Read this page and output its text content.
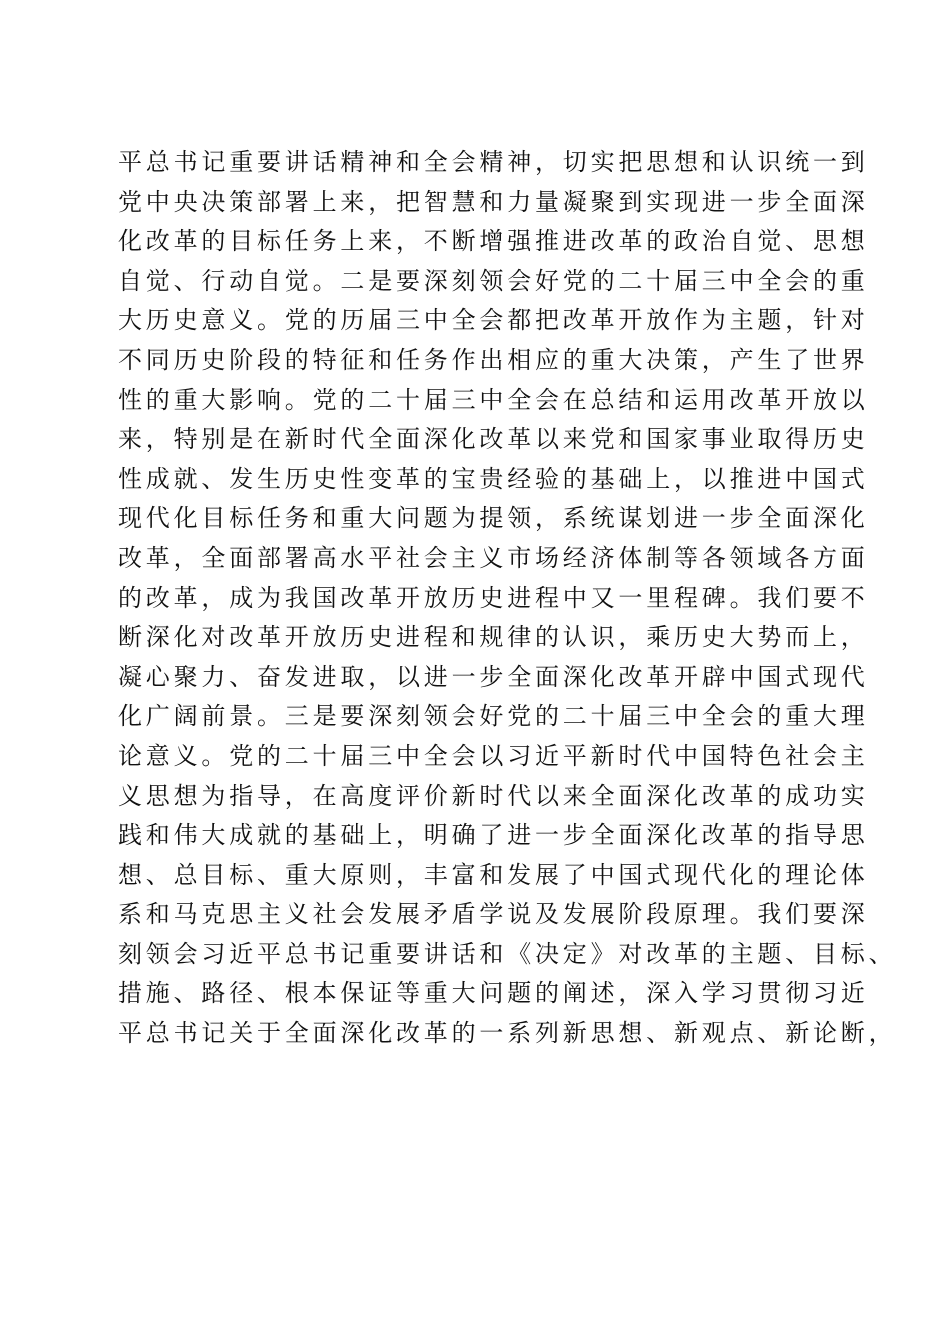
平总书记重要讲话精神和全会精神，切实把思想和认识统一到
党中央决策部署上来，把智慧和力量凝聚到实现进一步全面深
化改革的目标任务上来，不断增强推进改革的政治自觉、思想
自觉、行动自觉。二是要深刻领会好党的二十届三中全会的重
大历史意义。党的历届三中全会都把改革开放作为主题，针对
不同历史阶段的特征和任务作出相应的重大决策，产生了世界
性的重大影响。党的二十届三中全会在总结和运用改革开放以
来，特别是在新时代全面深化改革以来党和国家事业取得历史
性成就、发生历史性变革的宝贵经验的基础上，以推进中国式
现代化目标任务和重大问题为提领，系统谋划进一步全面深化
改革，全面部署高水平社会主义市场经济体制等各领域各方面
的改革，成为我国改革开放历史进程中又一里程碑。我们要不
断深化对改革开放历史进程和规律的认识，乘历史大势而上，
凝心聚力、奋发进取，以进一步全面深化改革开辟中国式现代
化广阔前景。三是要深刻领会好党的二十届三中全会的重大理
论意义。党的二十届三中全会以习近平新时代中国特色社会主
义思想为指导，在高度评价新时代以来全面深化改革的成功实
践和伟大成就的基础上，明确了进一步全面深化改革的指导思
想、总目标、重大原则，丰富和发展了中国式现代化的理论体
系和马克思主义社会发展矛盾学说及发展阶段原理。我们要深
刻领会习近平总书记重要讲话和《决定》对改革的主题、目标、
措施、路径、根本保证等重大问题的阐述，深入学习贯彻习近
平总书记关于全面深化改革的一系列新思想、新观点、新论断，
